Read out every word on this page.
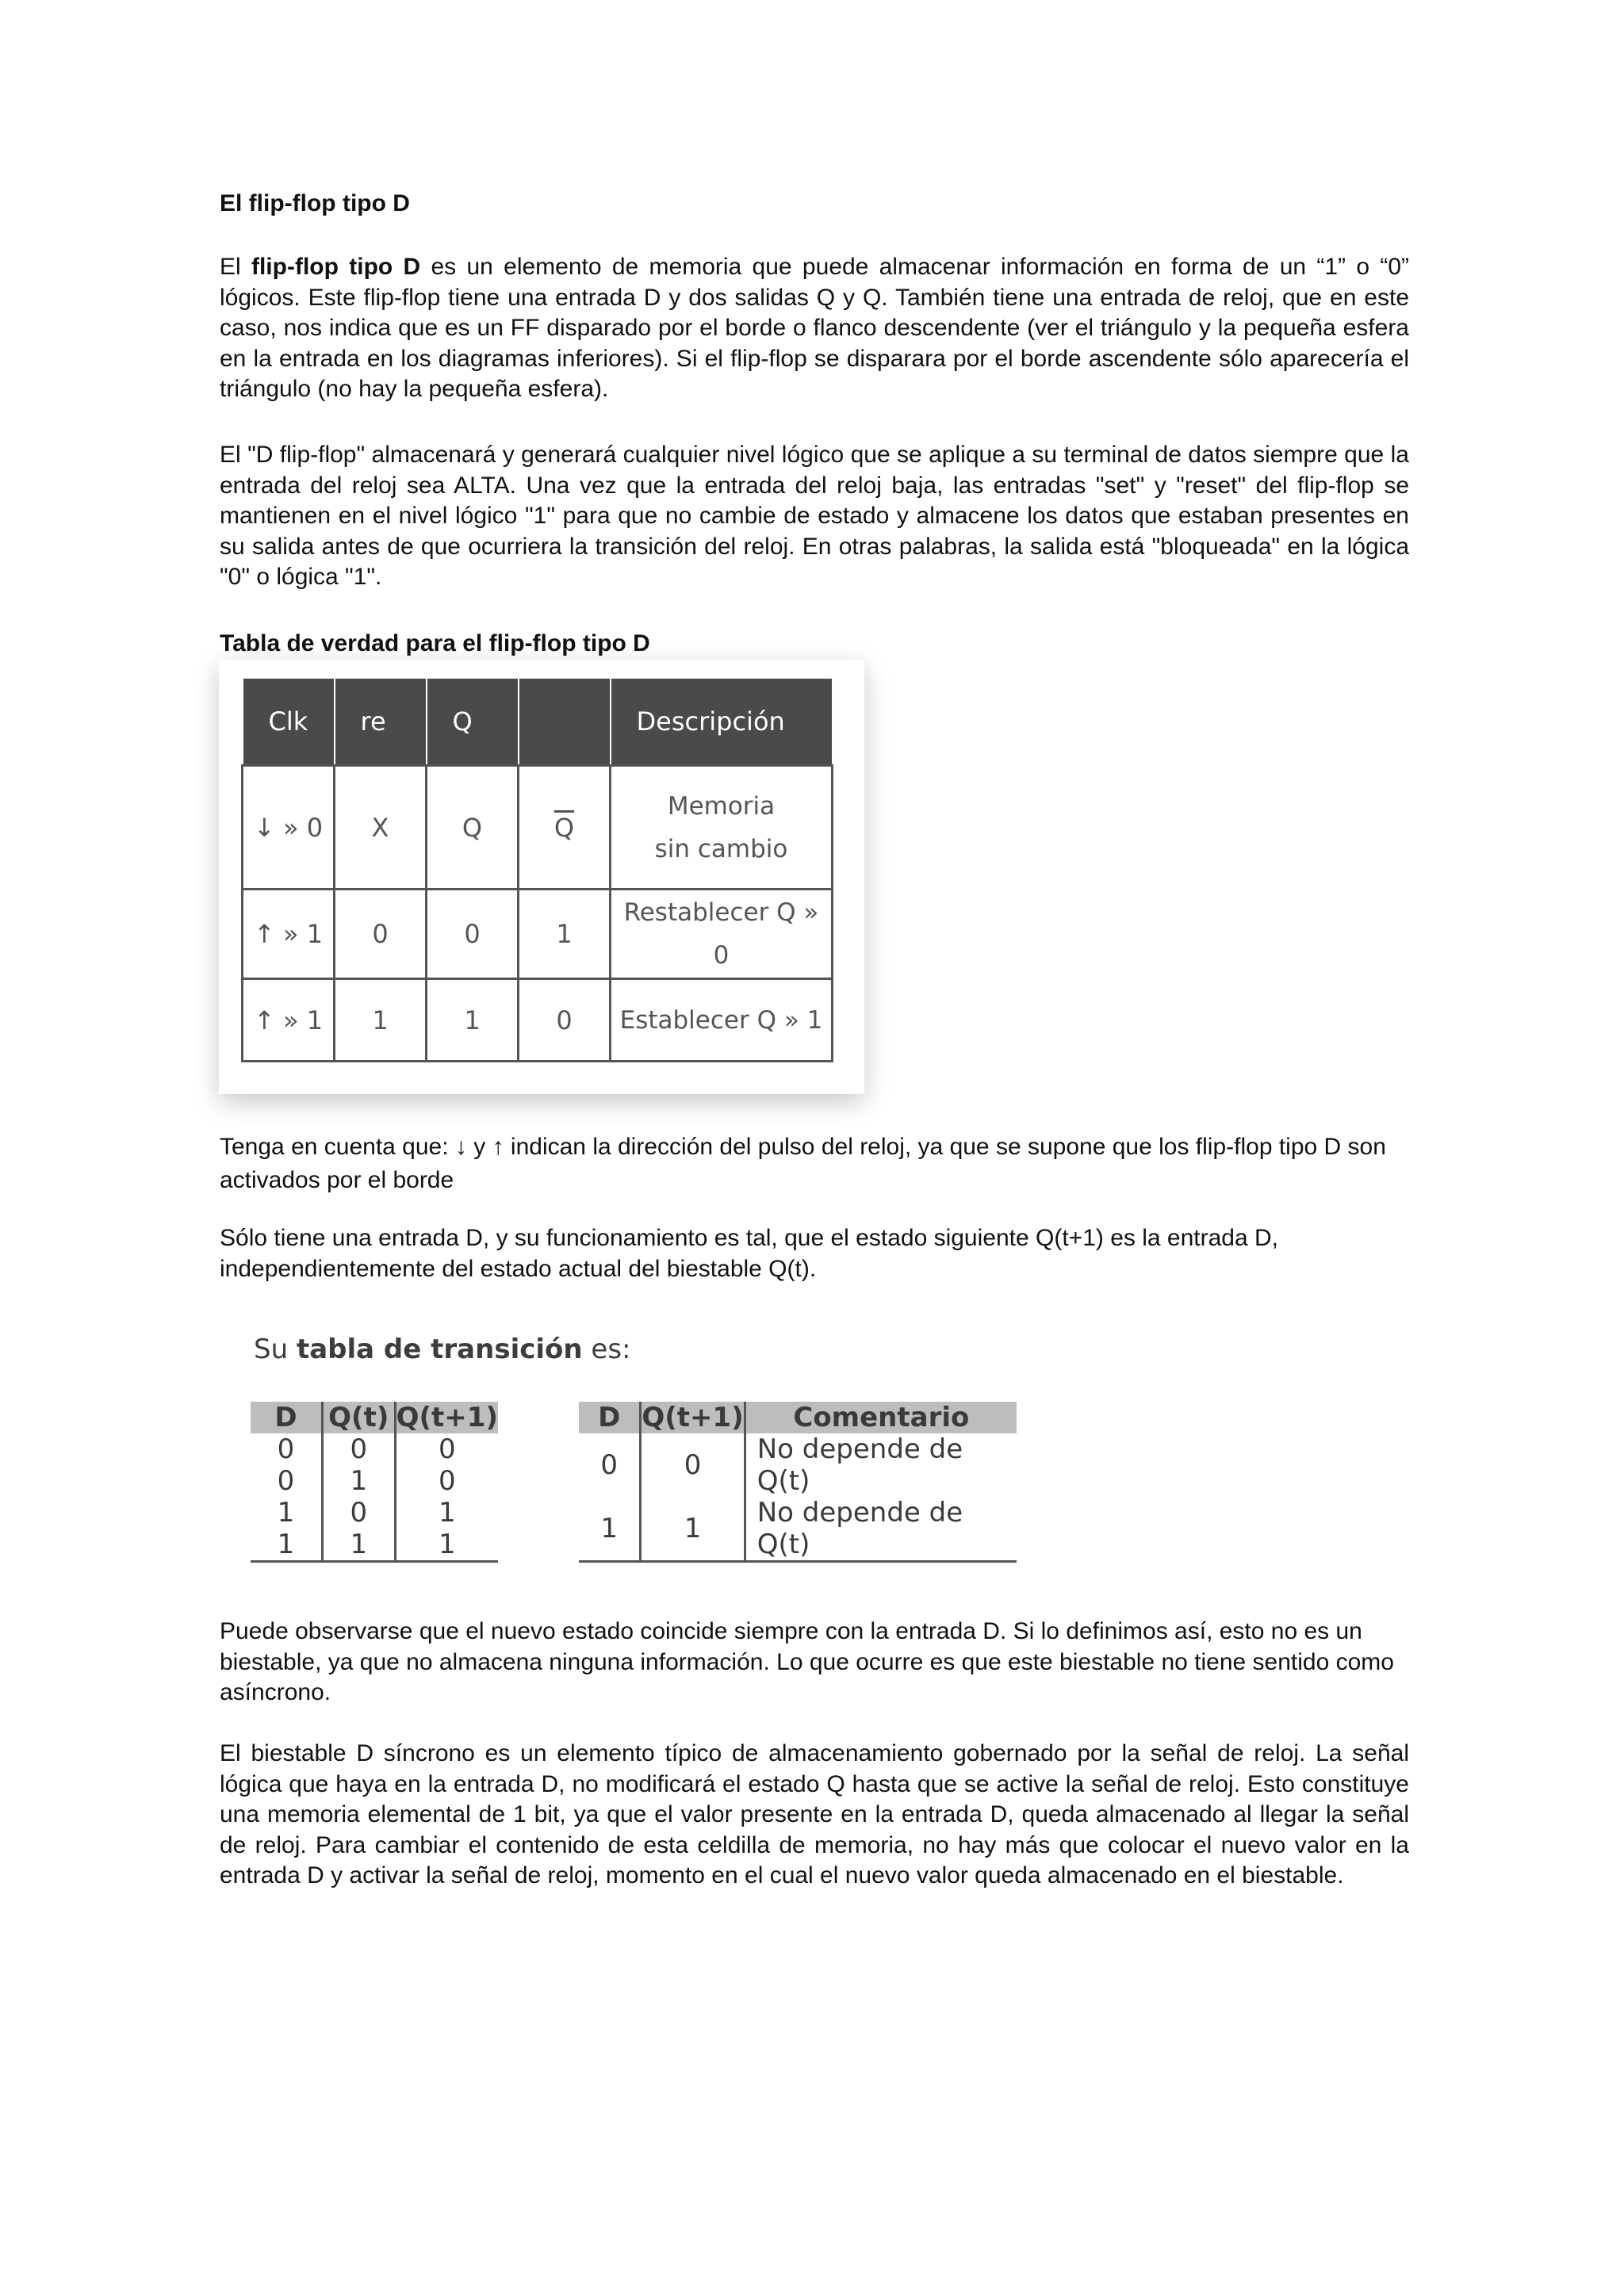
El flip-flop tipo D

El flip-flop tipo D es un elemento de memoria que puede almacenar información en forma de un “1” o “0” lógicos. Este flip-flop tiene una entrada D y dos salidas Q y Q. También tiene una entrada de reloj, que en este caso, nos indica que es un FF disparado por el borde o flanco descendente (ver el triángulo y la pequeña esfera en la entrada en los diagramas inferiores). Si el flip-flop se disparara por el borde ascendente sólo aparecería el triángulo (no hay la pequeña esfera).

El "D flip-flop" almacenará y generará cualquier nivel lógico que se aplique a su terminal de datos siempre que la entrada del reloj sea ALTA. Una vez que la entrada del reloj baja, las entradas "set" y "reset" del flip-flop se mantienen en el nivel lógico "1" para que no cambie de estado y almacene los datos que estaban presentes en su salida antes de que ocurriera la transición del reloj. En otras palabras, la salida está "bloqueada" en la lógica "0" o lógica "1".

Tabla de verdad para el flip-flop tipo D
Clk	re	Q		Descripción
↓ » 0	X	Q	$\overline{Q}$	Memoria
sin cambio
↑ » 1	0	0	1	Restablecer Q » 0
↑ » 1	1	1	0	Establecer Q » 1

Tenga en cuenta que: ↓ y ↑ indican la dirección del pulso del reloj, ya que se supone que los flip-flop tipo D son activados por el borde

Sólo tiene una entrada D, y su funcionamiento es tal, que el estado siguiente Q(t+1) es la entrada D, independientemente del estado actual del biestable Q(t).

Su tabla de transición es:
D	Q(t)	Q(t+1)
0	0	0
0	1	0
1	0	1
1	1	1
D	Q(t+1)	Comentario
0	0	No depende de Q(t)
1	1	No depende de Q(t)

Puede observarse que el nuevo estado coincide siempre con la entrada D. Si lo definimos así, esto no es un biestable, ya que no almacena ninguna información. Lo que ocurre es que este biestable no tiene sentido como asíncrono.

El biestable D síncrono es un elemento típico de almacenamiento gobernado por la señal de reloj. La señal lógica que haya en la entrada D, no modificará el estado Q hasta que se active la señal de reloj. Esto constituye una memoria elemental de 1 bit, ya que el valor presente en la entrada D, queda almacenado al llegar la señal de reloj. Para cambiar el contenido de esta celdilla de memoria, no hay más que colocar el nuevo valor en la entrada D y activar la señal de reloj, momento en el cual el nuevo valor queda almacenado en el biestable.
